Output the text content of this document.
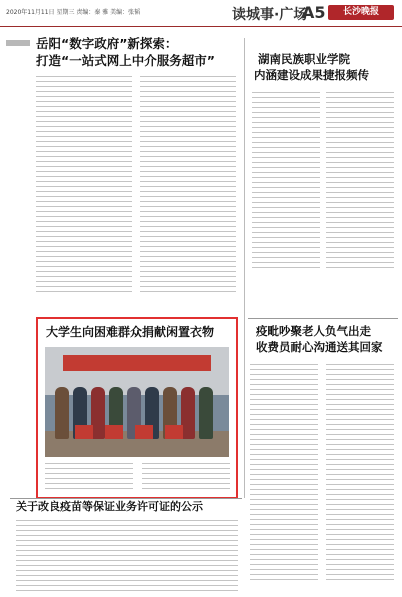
2020年11月11日 星期三 责编：秦 雅 美编：张韬	读城事·广场
A5	长沙晚报
岳阳“数字政府”新探索：
打造“一站式网上中介服务超市”	湖南民族职业学院
内涵建设成果捷报频传
疫毗吵聚老人负气出走
收费员耐心沟通送其回家
大学生向困难群众捐献闲置衣物
关于改良疫苗等保证业务许可证的公示
